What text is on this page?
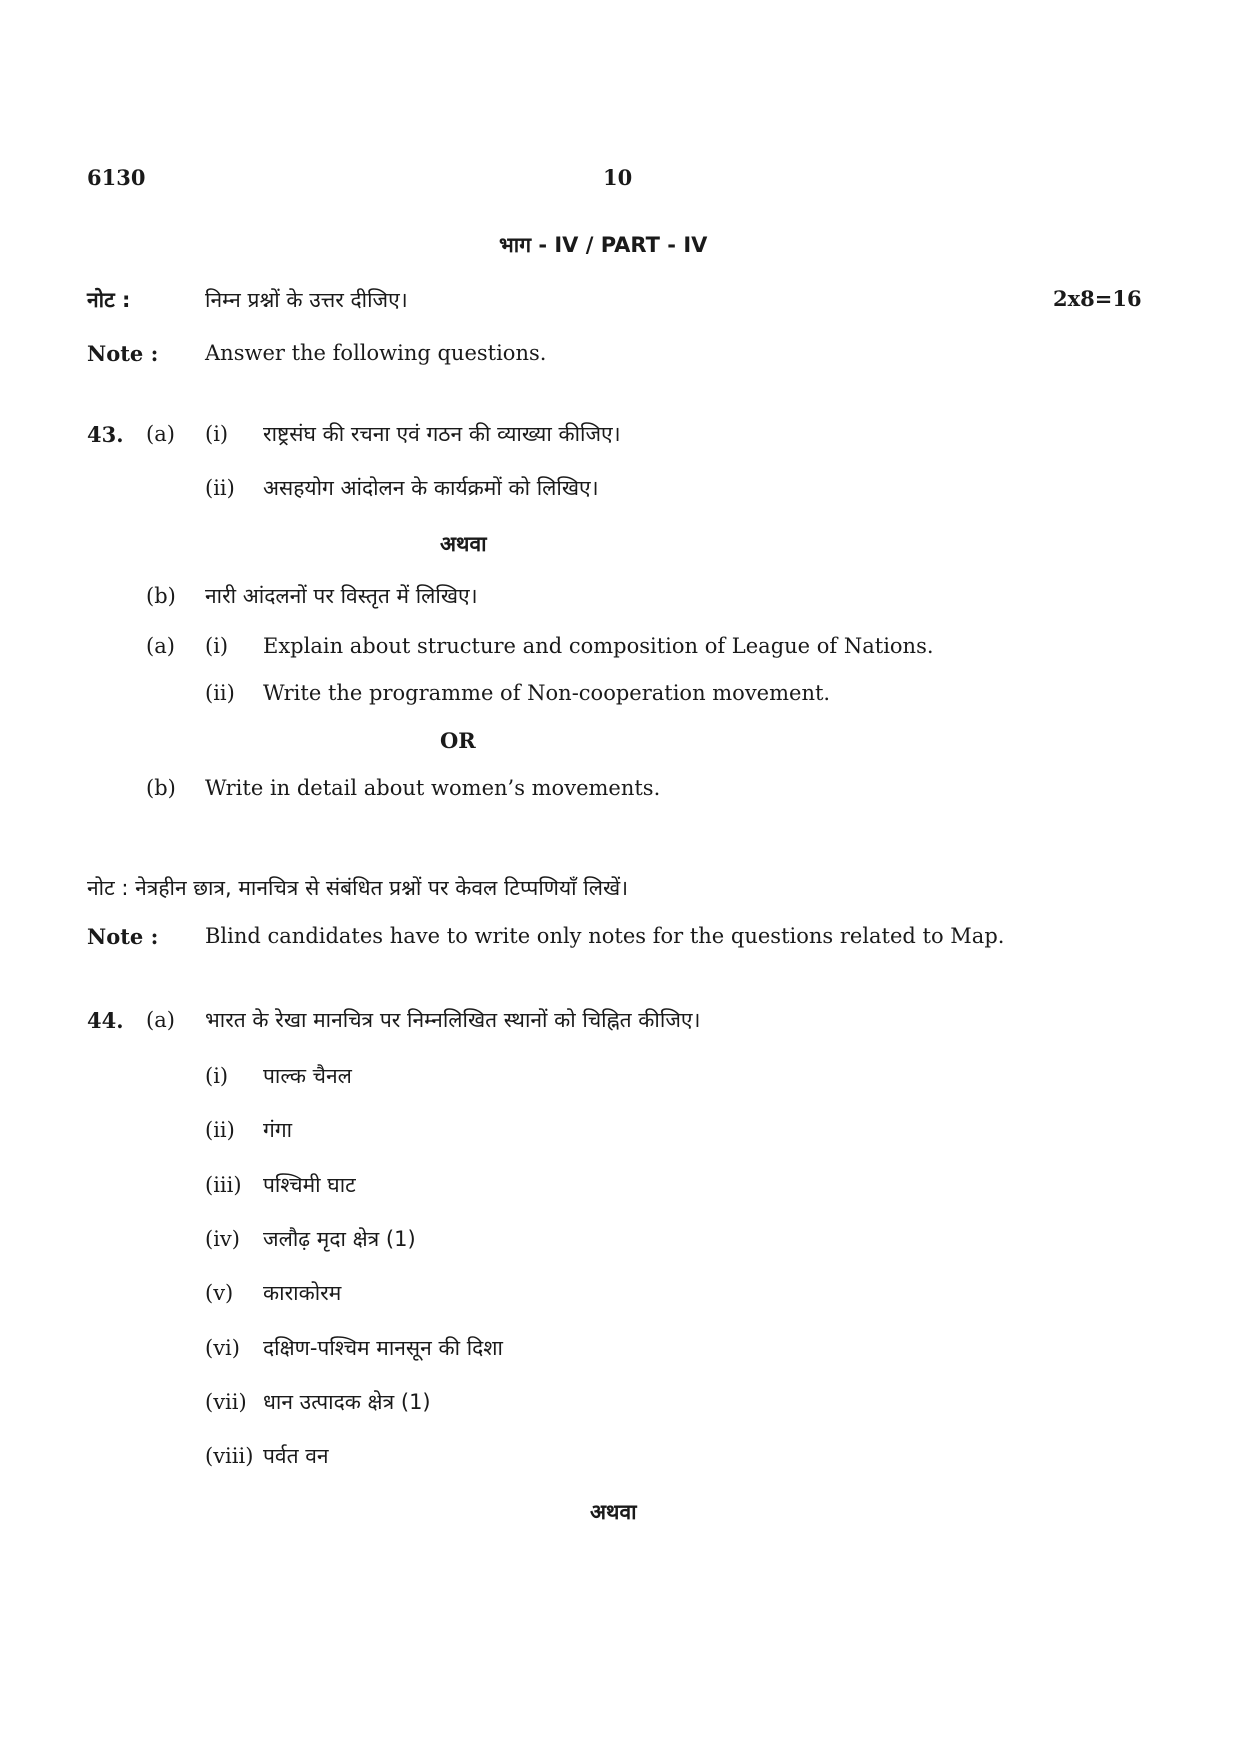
6130	10
भाग - IV / PART - IV
नोट :	निम्न प्रश्नों के उत्तर दीजिए।	2x8=16
Note : Answer the following questions.
43. (a) (i) राष्ट्रसंघ की रचना एवं गठन की व्याख्या कीजिए।
(ii) असहयोग आंदोलन के कार्यक्रमों को लिखिए।
अथवा
(b) नारी आंदलनों पर विस्तृत में लिखिए।
(a) (i) Explain about structure and composition of League of Nations.
(ii) Write the programme of Non-cooperation movement.
OR
(b) Write in detail about women’s movements.
नोट : नेत्रहीन छात्र, मानचित्र से संबंधित प्रश्नों पर केवल टिप्पणियाँ लिखें।
Note : Blind candidates have to write only notes for the questions related to Map.
44. (a) भारत के रेखा मानचित्र पर निम्नलिखित स्थानों को चिह्नित कीजिए।
(i) पाल्क चैनल
(ii) गंगा
(iii) पश्चिमी घाट
(iv) जलौढ़ मृदा क्षेत्र (1)
(v) काराकोरम
(vi) दक्षिण-पश्चिम मानसून की दिशा
(vii) धान उत्पादक क्षेत्र (1)
(viii) पर्वत वन
अथवा
